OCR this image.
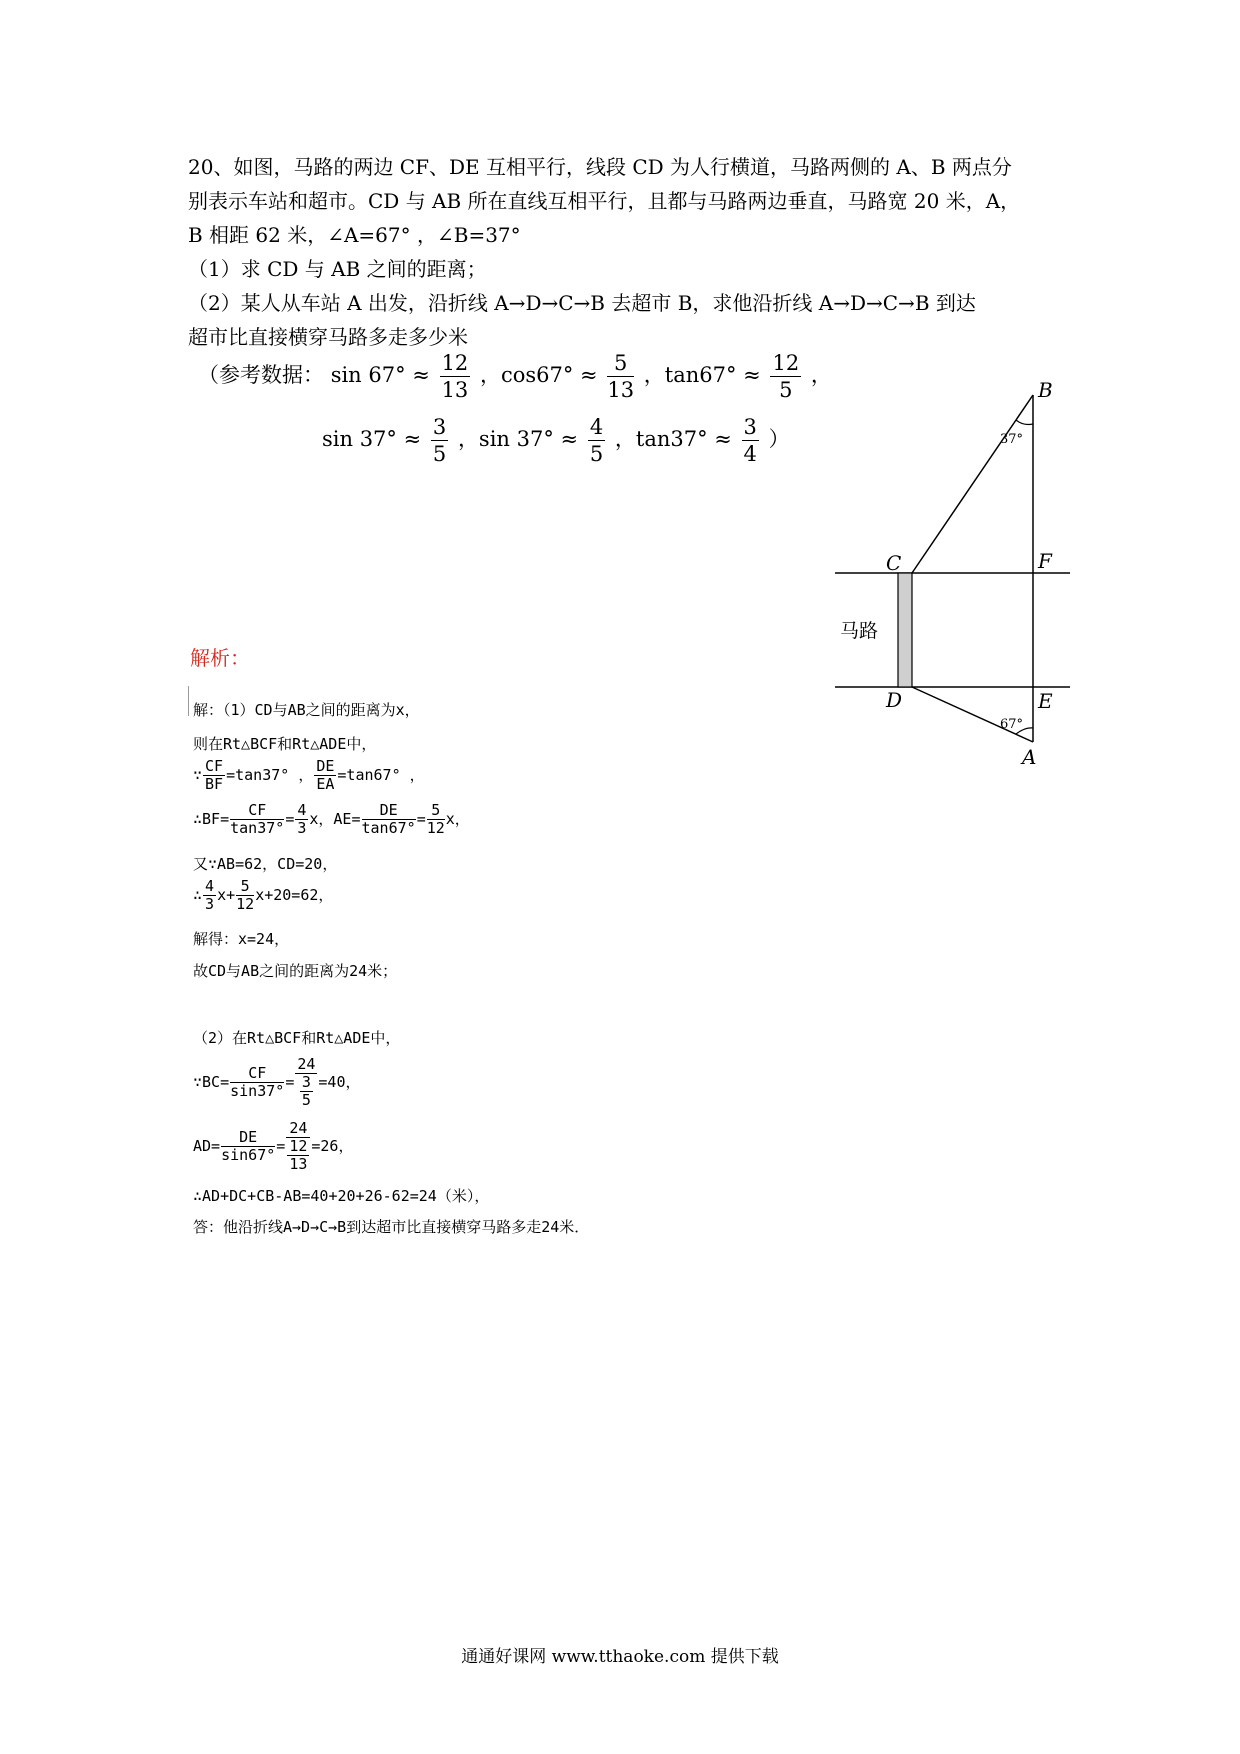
20、如图，马路的两边 CF、DE 互相平行，线段 CD 为人行横道，马路两侧的 A、B 两点分

别表示车站和超市。CD 与 AB 所在直线互相平行，且都与马路两边垂直，马路宽 20 米，A，

B 相距 62 米，∠A=67° ，∠B=37°

（1）求 CD 与 AB 之间的距离；

（2）某人从车站 A 出发，沿折线 A→D→C→B 去超市 B，求他沿折线 A→D→C→B 到达

超市比直接横穿马路多走多少米

（参考数据： $\sin 67^\circ \approx \frac{12}{13}$ ，$\cos 67^\circ \approx \frac{5}{13}$ ，$\tan 67^\circ \approx \frac{12}{5}$ ，
$\sin 37^\circ \approx \frac{3}{5}$ ，$\sin 37^\circ \approx \frac{4}{5}$ ，$\tan 37^\circ \approx \frac{3}{4}$ ）
B
C	F
D	E
A
37°
67°
马路
解析：
解：（1）CD与AB之间的距离为x，
则在Rt△BCF和Rt△ADE中，
∵ $\frac{CF}{BF} =\tan 37^\circ$ ， $\frac{DE}{EA} =\tan 67^\circ$ ，
∴BF= $\frac{CF}{\tan 37^\circ} = \frac{4}{3}$ x，$AE= \frac{DE}{\tan 67^\circ} = \frac{5}{12}$ x，
又∵AB=62，CD=20，
∴ $\frac{4}{3} x+ \frac{5}{12} x+20=62$，
解得：x=24，
故CD与AB之间的距离为24米；
（2）在Rt△BCF和Rt△ADE中，
∵BC= $\frac{CF}{\sin 37^\circ} = \frac{24}{\frac{3}{5}} =40$，
$AD= \frac{DE}{\sin 67^\circ} = \frac{24}{\frac{12}{13}} =26$，
∴AD+DC+CB-AB=40+20+26-62=24（米），
答：他沿折线A→D→C→B到达超市比直接横穿马路多走24米．
通通好课网 www.tthaoke.com 提供下载
